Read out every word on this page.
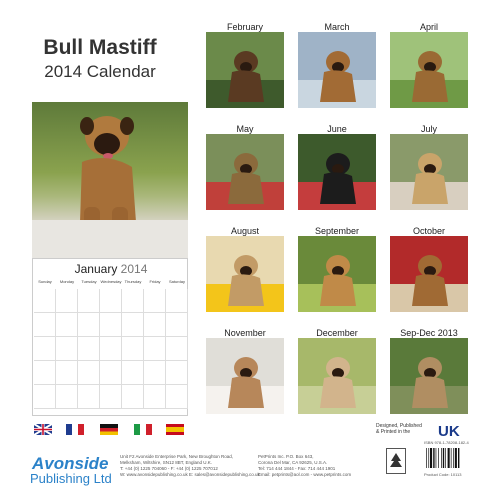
Bull Mastiff
2014 Calendar
January 2014
Sunday	Monday	Tuesday Wednesday Thursday	Friday	Saturday
February	March	April
May	June	July
August	September	October
November	December	Sep-Dec 2013
Avonside
Publishing Ltd
Unit F2 Avonside Enterprise Park, New Broughton Road,
Melksham, Wiltshire, SN12 8BT, England U.K.
T: +44 (0) 1225 704060 - F: +44 (0) 1225 707012
W: www.avonsidepublishing.co.uk E: sales@avonsidepublishing.co.uk
PetPrints Inc. P.O. Box 643,
Corona Del Mar, CA 92625, U.S.A.
Tel: 714 444 1844 - Fax: 714 444 1901
Email: petprints@aol.com - www.petprints.com
Designed, Published
& Printed in the	UK
ISBN 978-1-78208-182-4
Product Code: 10113
